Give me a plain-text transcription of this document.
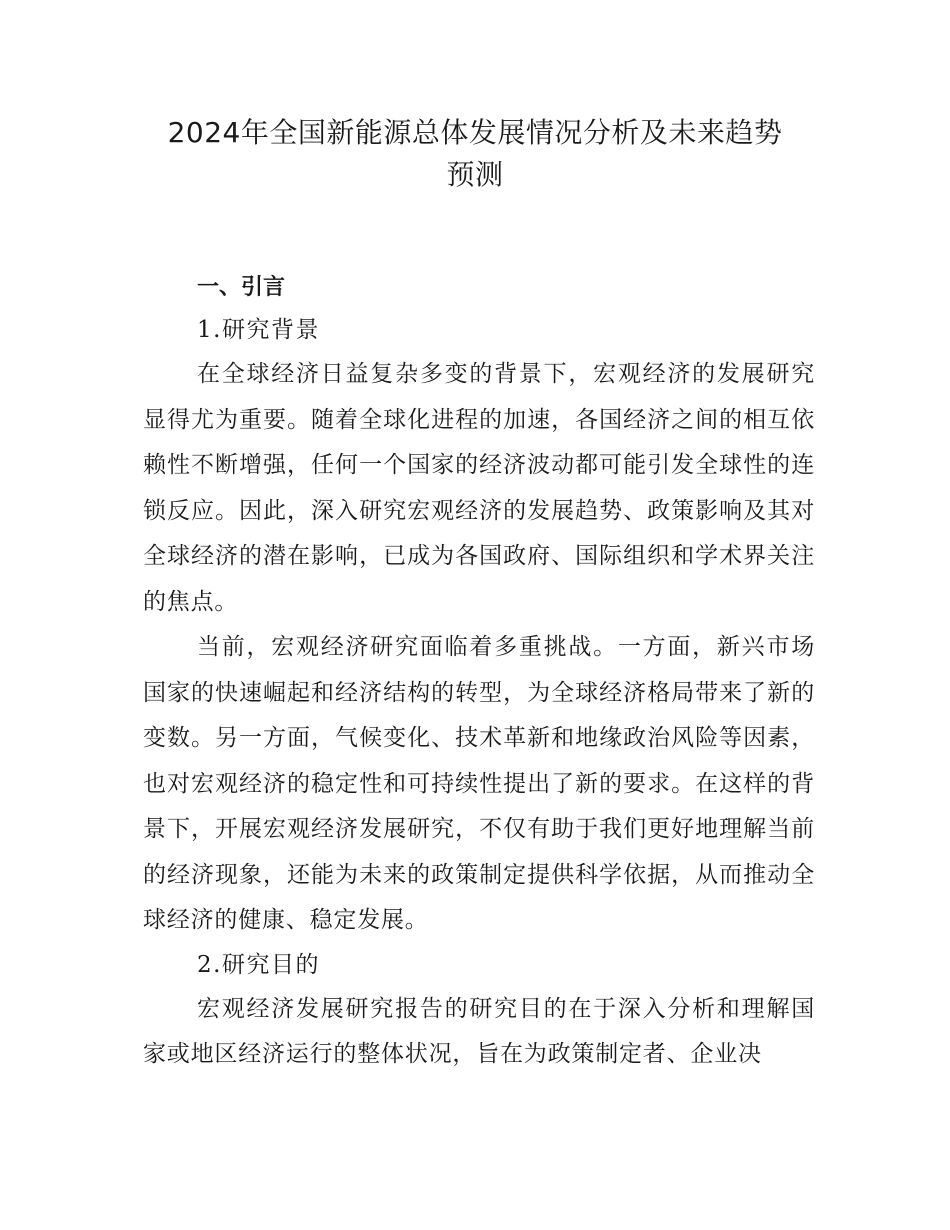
2024年全国新能源总体发展情况分析及未来趋势
预测

一、引言

1.研究背景

在全球经济日益复杂多变的背景下，宏观经济的发展研究显得尤为重要。随着全球化进程的加速，各国经济之间的相互依赖性不断增强，任何一个国家的经济波动都可能引发全球性的连锁反应。因此，深入研究宏观经济的发展趋势、政策影响及其对全球经济的潜在影响，已成为各国政府、国际组织和学术界关注的焦点。

当前，宏观经济研究面临着多重挑战。一方面，新兴市场国家的快速崛起和经济结构的转型，为全球经济格局带来了新的变数。另一方面，气候变化、技术革新和地缘政治风险等因素，也对宏观经济的稳定性和可持续性提出了新的要求。在这样的背景下，开展宏观经济发展研究，不仅有助于我们更好地理解当前的经济现象，还能为未来的政策制定提供科学依据，从而推动全球经济的健康、稳定发展。

2.研究目的

宏观经济发展研究报告的研究目的在于深入分析和理解国家或地区经济运行的整体状况，旨在为政策制定者、企业决
